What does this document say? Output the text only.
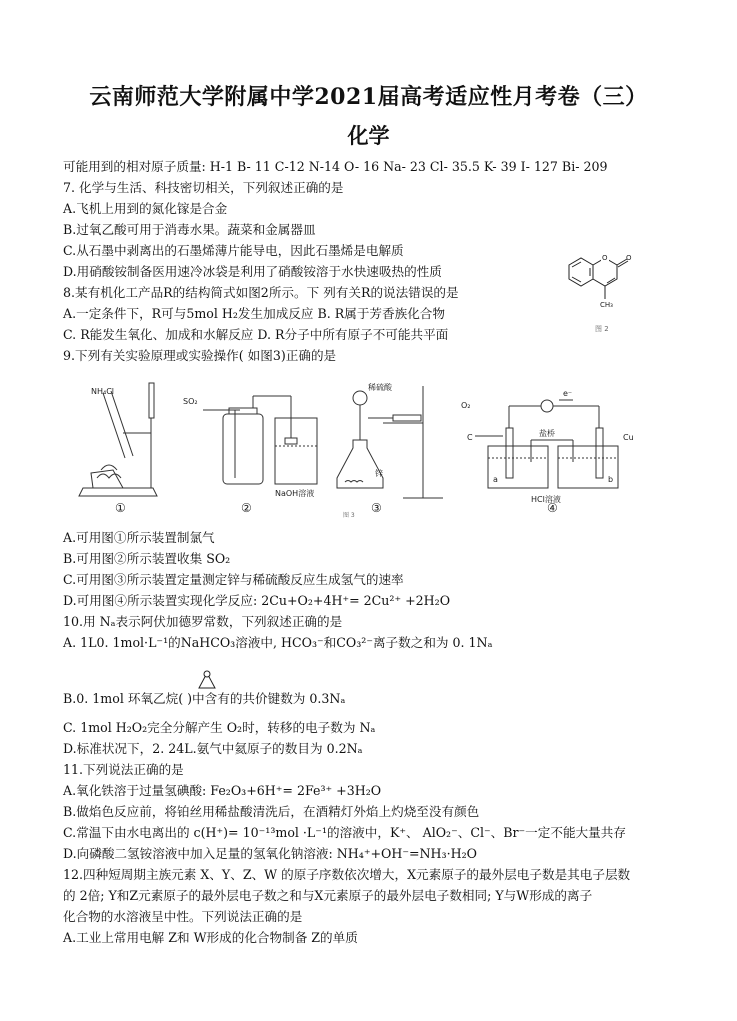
云南师范大学附属中学2021届高考适应性月考卷（三）
化学
可能用到的相对原子质量: H-1 B- 11 C-12 N-14 O- 16 Na- 23 Cl- 35.5 K- 39 I- 127 Bi- 209
7. 化学与生活、科技密切相关，下列叙述正确的是
A.飞机上用到的氮化镓是合金
B.过氧乙酸可用于消毒水果。蔬菜和金属器皿
C.从石墨中剥离出的石墨烯薄片能导电，因此石墨烯是电解质
D.用硝酸铵制备医用速冷冰袋是利用了硝酸铵溶于水快速吸热的性质
8.某有机化工产品R的结构简式如图2所示。下 列有关R的说法错误的是
A.一定条件下，R可与5mol H₂发生加成反应 B. R属于芳香族化合物
C. R能发生氧化、加成和水解反应 D. R分子中所有原子不可能共平面
9.下列有关实验原理或实验操作( 如图3)正确的是
O	O
CH₃
图 2
NH₄Cl
SO₂
NaOH溶液
稀硫酸
锌
O₂
C	Cu
盐桥
HCl溶液
e⁻
a	b
①	②	③	④
图 3
A.可用图①所示装置制氯气
B.可用图②所示装置收集 SO₂
C.可用图③所示装置定量测定锌与稀硫酸反应生成氢气的速率
D.可用图④所示装置实现化学反应: 2Cu+O₂+4H⁺= 2Cu²⁺ +2H₂O
10.用 Nₐ表示阿伏加德罗常数，下列叙述正确的是
A. 1L0. 1mol·L⁻¹的NaHCO₃溶液中, HCO₃⁻和CO₃²⁻离子数之和为 0. 1Nₐ
B.0. 1mol 环氧乙烷( )中含有的共价键数为 0.3Nₐ
C. 1mol H₂O₂完全分解产生 O₂时，转移的电子数为 Nₐ
D.标准状况下，2. 24L.氨气中氦原子的数目为 0.2Nₐ
11.下列说法正确的是
A.氧化铁溶于过量氢碘酸: Fe₂O₃+6H⁺= 2Fe³⁺ +3H₂O
B.做焰色反应前，将铂丝用稀盐酸清洗后，在酒精灯外焰上灼烧至没有颜色
C.常温下由水电离出的 c(H⁺)= 10⁻¹³mol ·L⁻¹的溶液中，K⁺、 AlO₂⁻、Cl⁻、Br⁻一定不能大量共存
D.向磷酸二氢铵溶液中加入足量的氢氧化钠溶液: NH₄⁺+OH⁻=NH₃·H₂O
12.四种短周期主族元素 X、Y、Z、W 的原子序数依次增大，X元素原子的最外层电子数是其电子层数
的 2倍; Y和Z元素原子的最外层电子数之和与X元素原子的最外层电子数相同; Y与W形成的离子
化合物的水溶液呈中性。下列说法正确的是
A.工业上常用电解 Z和 W形成的化合物制备 Z的单质
